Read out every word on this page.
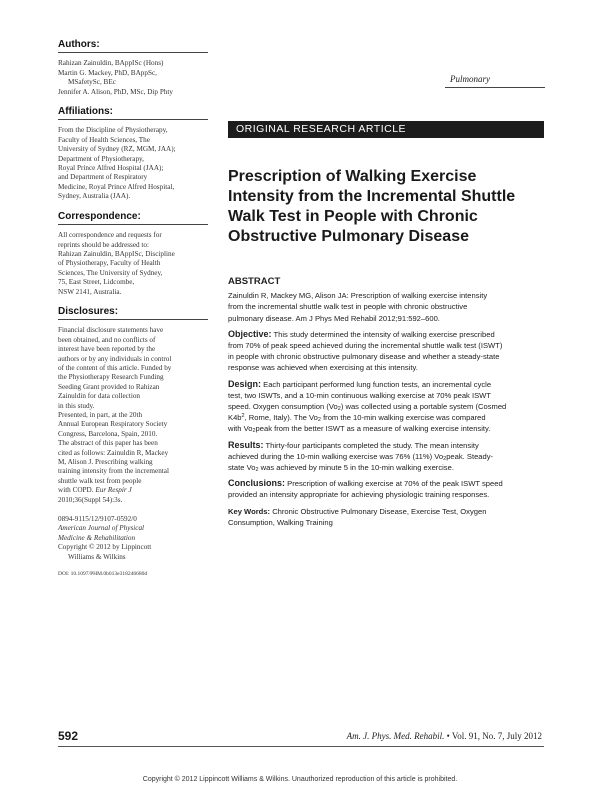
Authors:
Rahizan Zainuldin, BAppISc (Hons)
Martin G. Mackey, PhD, BAppSc,
MSafetySc, BEc
Jennifer A. Alison, PhD, MSc, Dip Phty
Affiliations:
From the Discipline of Physiotherapy,
Faculty of Health Sciences, The
University of Sydney (RZ, MGM, JAA);
Department of Physiotherapy,
Royal Prince Alfred Hospital (JAA);
and Department of Respiratory
Medicine, Royal Prince Alfred Hospital,
Sydney, Australia (JAA).
Correspondence:
All correspondence and requests for
reprints should be addressed to:
Rahizan Zainuldin, BAppISc, Discipline
of Physiotherapy, Faculty of Health
Sciences, The University of Sydney,
75, East Street, Lidcombe,
NSW 2141, Australia.
Disclosures:
Financial disclosure statements have
been obtained, and no conflicts of
interest have been reported by the
authors or by any individuals in control
of the content of this article. Funded by
the Physiotherapy Research Funding
Seeding Grant provided to Rahizan
Zainuldin for data collection
in this study.
Presented, in part, at the 20th
Annual European Respiratory Society
Congress, Barcelona, Spain, 2010.
The abstract of this paper has been
cited as follows: Zainuldin R, Mackey
M, Alison J. Prescribing walking
training intensity from the incremental
shuttle walk test from people
with COPD. Eur Respir J
2010;36(Suppl 54):3s.
0894-9115/12/9107-0592/0
American Journal of Physical
Medicine & Rehabilitation
Copyright © 2012 by Lippincott
Williams & Wilkins
DOI: 10.1097/PHM.0b013e318246680d
Pulmonary
ORIGINAL RESEARCH ARTICLE
Prescription of Walking Exercise
Intensity from the Incremental Shuttle
Walk Test in People with Chronic
Obstructive Pulmonary Disease
ABSTRACT
Zainuldin R, Mackey MG, Alison JA: Prescription of walking exercise intensity
from the incremental shuttle walk test in people with chronic obstructive
pulmonary disease. Am J Phys Med Rehabil 2012;91:592–600.
Objective: This study determined the intensity of walking exercise prescribed
from 70% of peak speed achieved during the incremental shuttle walk test (ISWT)
in people with chronic obstructive pulmonary disease and whether a steady-state
response was achieved when exercising at this intensity.
Design: Each participant performed lung function tests, an incremental cycle
test, two ISWTs, and a 10-min continuous walking exercise at 70% peak ISWT
speed. Oxygen consumption $(Vo_2)$ was collected using a portable system (Cosmed
$K4b^2$, Rome, Italy). The $Vo_2$ from the 10-min walking exercise was compared
with $Vo_2peak$ from the better ISWT as a measure of walking exercise intensity.
Results: Thirty-four participants completed the study. The mean intensity
achieved during the 10-min walking exercise was 76% (11%) $Vo_2peak$. Steady-
state $Vo_2$ was achieved by minute 5 in the 10-min walking exercise.
Conclusions: Prescription of walking exercise at 70% of the peak ISWT speed
provided an intensity appropriate for achieving physiologic training responses.
Key Words: Chronic Obstructive Pulmonary Disease, Exercise Test, Oxygen
Consumption, Walking Training
592	Am. J. Phys. Med. Rehabil. • Vol. 91, No. 7, July 2012
Copyright © 2012 Lippincott Williams & Wilkins. Unauthorized reproduction of this article is prohibited.
